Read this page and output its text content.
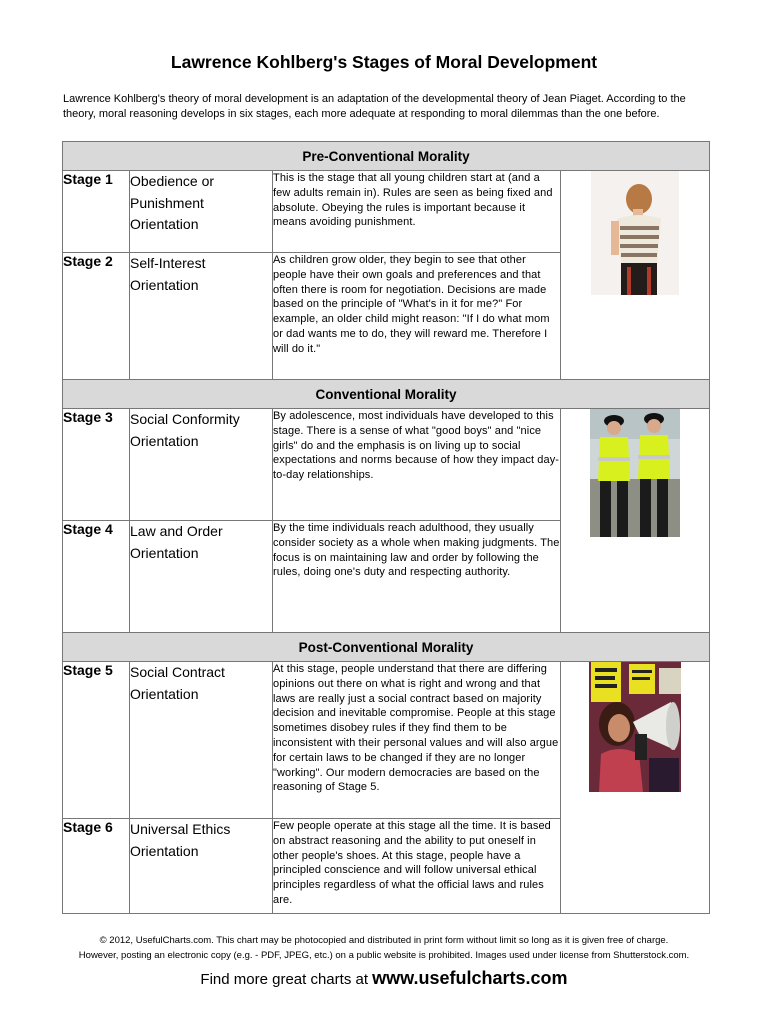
Lawrence Kohlberg's Stages of Moral Development
Lawrence Kohlberg's theory of moral development is an adaptation of the developmental theory of Jean Piaget. According to the theory, moral reasoning develops in six stages, each more adequate at responding to moral dilemmas than the one before.
Pre-Conventional Morality			
Stage 1	Obedience or Punishment Orientation	This is the stage that all young children start at (and a few adults remain in). Rules are seen as being fixed and absolute. Obeying the rules is important because it means avoiding punishment.	

Stage 2	Self-Interest Orientation	As children grow older, they begin to see that other people have their own goals and preferences and that often there is room for negotiation. Decisions are made based on the principle of "What's in it for me?" For example, an older child might reason: "If I do what mom or dad wants me to do, they will reward me. Therefore I will do it."	
Conventional Morality			
Stage 3	Social Conformity Orientation	By adolescence, most individuals have developed to this stage. There is a sense of what "good boys" and "nice girls" do and the emphasis is on living up to social expectations and norms because of how they impact day-to-day relationships.	

Stage 4	Law and Order Orientation	By the time individuals reach adulthood, they usually consider society as a whole when making judgments. The focus is on maintaining law and order by following the rules, doing one's duty and respecting authority.	
Post-Conventional Morality			
Stage 5	Social Contract Orientation	At this stage, people understand that there are differing opinions out there on what is right and wrong and that laws are really just a social contract based on majority decision and inevitable compromise. People at this stage sometimes disobey rules if they find them to be inconsistent with their personal values and will also argue for certain laws to be changed if they are no longer "working". Our modern democracies are based on the reasoning of Stage 5.	

Stage 6	Universal Ethics Orientation	Few people operate at this stage all the time. It is based on abstract reasoning and the ability to put oneself in other people's shoes. At this stage, people have a principled conscience and will follow universal ethical principles regardless of what the official laws and rules are.	
© 2012, UsefulCharts.com. This chart may be photocopied and distributed in print form without limit so long as it is given free of charge.
However, posting an electronic copy (e.g. - PDF, JPEG, etc.) on a public website is prohibited. Images used under license from Shutterstock.com.
Find more great charts at www.usefulcharts.com
